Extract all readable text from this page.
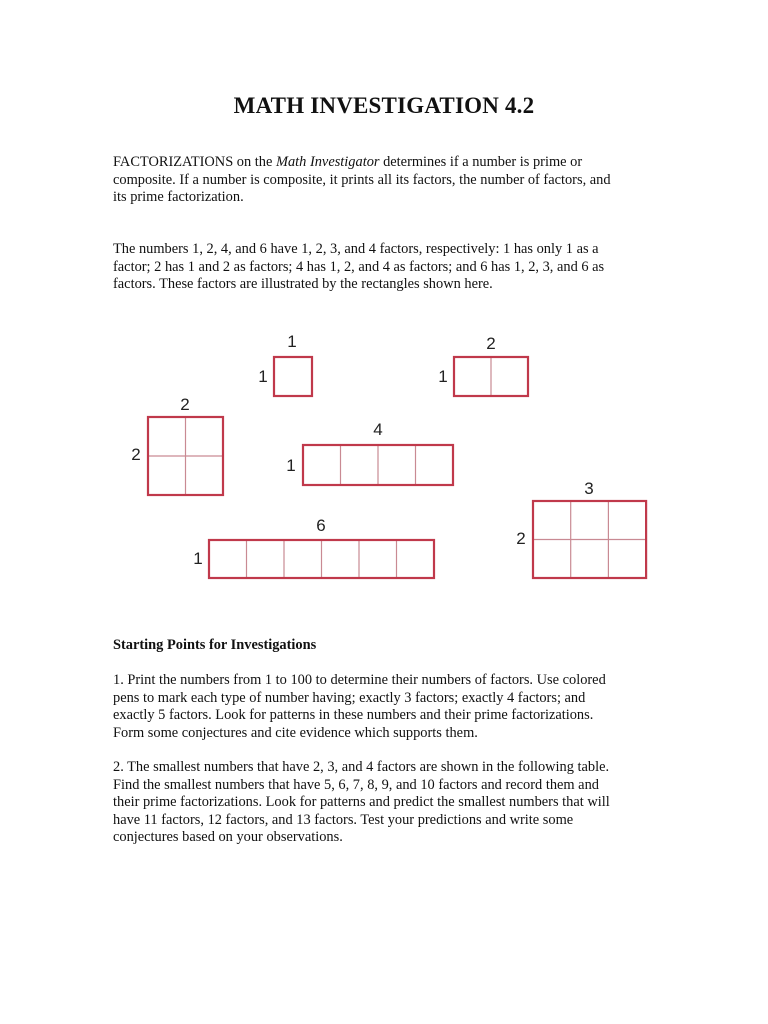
MATH INVESTIGATION 4.2
FACTORIZATIONS on the Math Investigator determines if a number is prime or
composite. If a number is composite, it prints all its factors, the number of factors, and
its prime factorization.
The numbers 1, 2, 4, and 6 have 1, 2, 3, and 4 factors, respectively: 1 has only 1 as a
factor; 2 has 1 and 2 as factors; 4 has 1, 2, and 4 as factors; and 6 has 1, 2, 3, and 6 as
factors. These factors are illustrated by the rectangles shown here.
1
1
2
1
2
2
4
1
3
2
6
1
Starting Points for Investigations
1. Print the numbers from 1 to 100 to determine their numbers of factors. Use colored
pens to mark each type of number having; exactly 3 factors; exactly 4 factors; and
exactly 5 factors. Look for patterns in these numbers and their prime factorizations.
Form some conjectures and cite evidence which supports them.
2. The smallest numbers that have 2, 3, and 4 factors are shown in the following table.
Find the smallest numbers that have 5, 6, 7, 8, 9, and 10 factors and record them and
their prime factorizations. Look for patterns and predict the smallest numbers that will
have 11 factors, 12 factors, and 13 factors. Test your predictions and write some
conjectures based on your observations.
